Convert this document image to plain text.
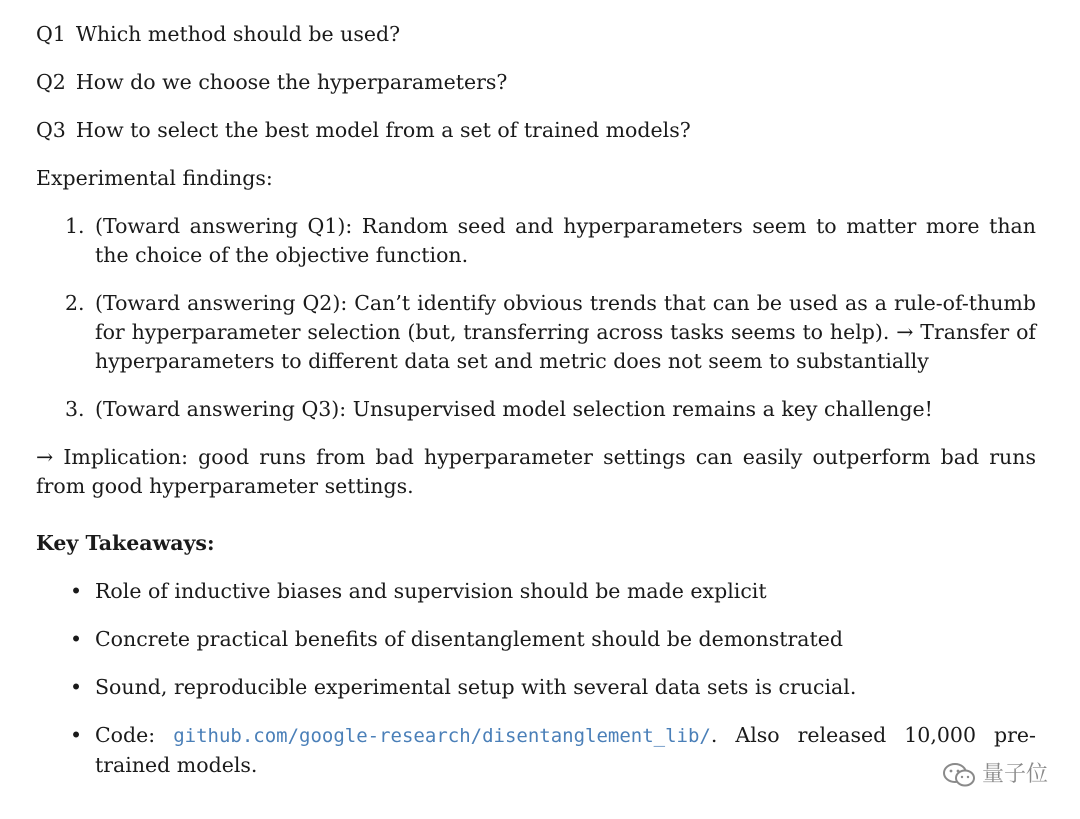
Q1 Which method should be used?
Q2 How do we choose the hyperparameters?
Q3 How to select the best model from a set of trained models?
Experimental findings:
1. (Toward answering Q1): Random seed and hyperparameters seem to matter more than the choice of the objective function.
2. (Toward answering Q2): Can’t identify obvious trends that can be used as a rule-of-thumb for hyperparameter selection (but, transferring across tasks seems to help). → Transfer of hyperparameters to different data set and metric does not seem to substantially
3. (Toward answering Q3): Unsupervised model selection remains a key challenge!
→ Implication: good runs from bad hyperparameter settings can easily outperform bad runs from good hyperparameter settings.
Key Takeaways:
• Role of inductive biases and supervision should be made explicit
• Concrete practical benefits of disentanglement should be demonstrated
• Sound, reproducible experimental setup with several data sets is crucial.
• Code: github.com/google-research/disentanglement_lib/. Also released 10,000 pre-trained models.	量子位
